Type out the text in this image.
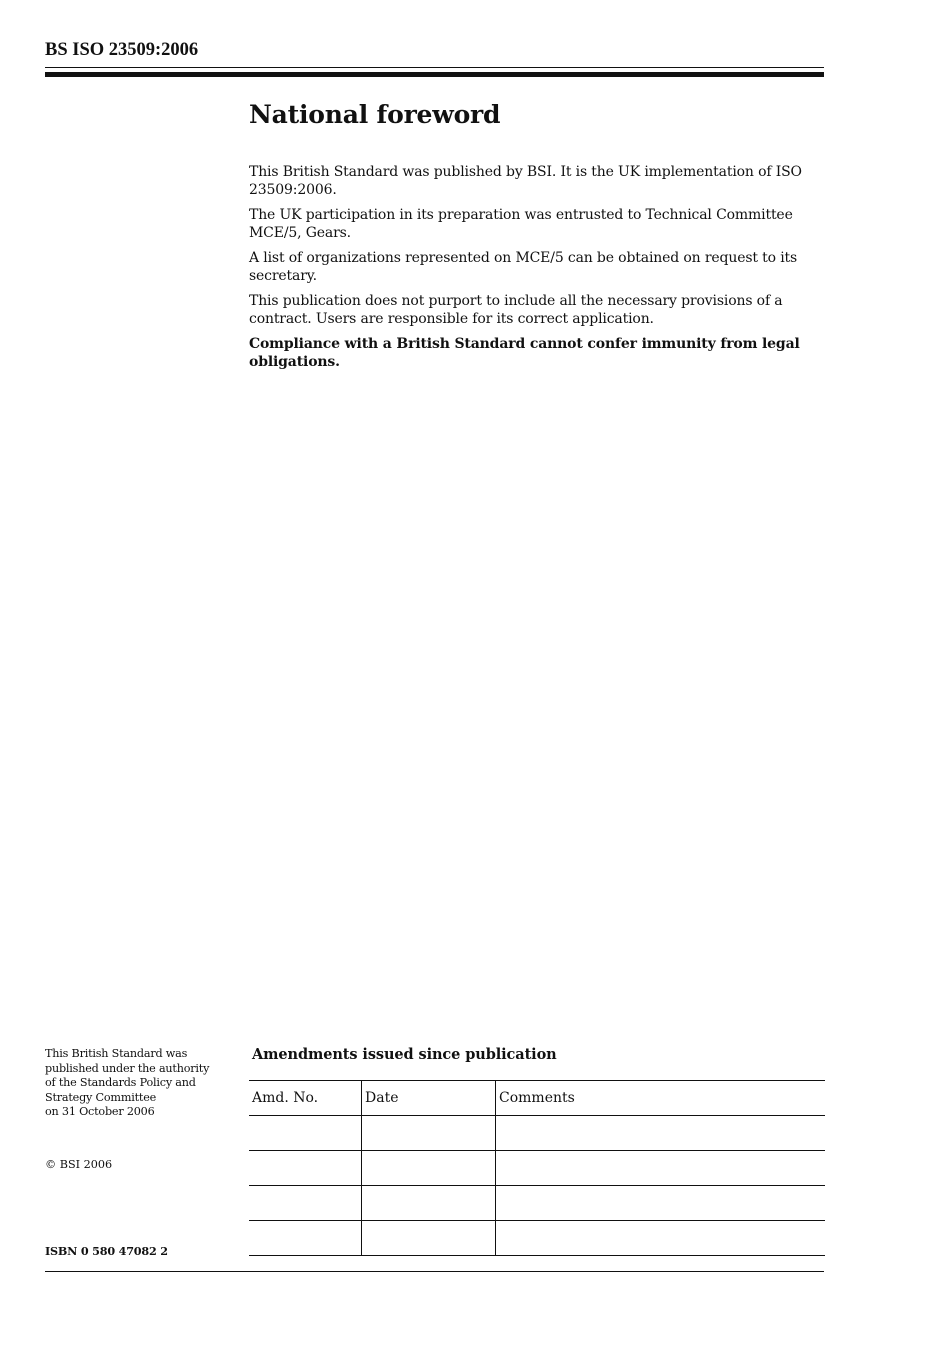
BS ISO 23509:2006
National foreword

This British Standard was published by BSI. It is the UK implementation of ISO 23509:2006.

The UK participation in its preparation was entrusted to Technical Committee MCE/5, Gears.

A list of organizations represented on MCE/5 can be obtained on request to its secretary.

This publication does not purport to include all the necessary provisions of a contract. Users are responsible for its correct application.

Compliance with a British Standard cannot confer immunity from legal obligations.

This British Standard was

published under the authority

of the Standards Policy and

Strategy Committee

on 31 October 2006

© BSI 2006

ISBN 0 580 47082 2

Amendments issued since publication
Amd. No.	Date	Comments
